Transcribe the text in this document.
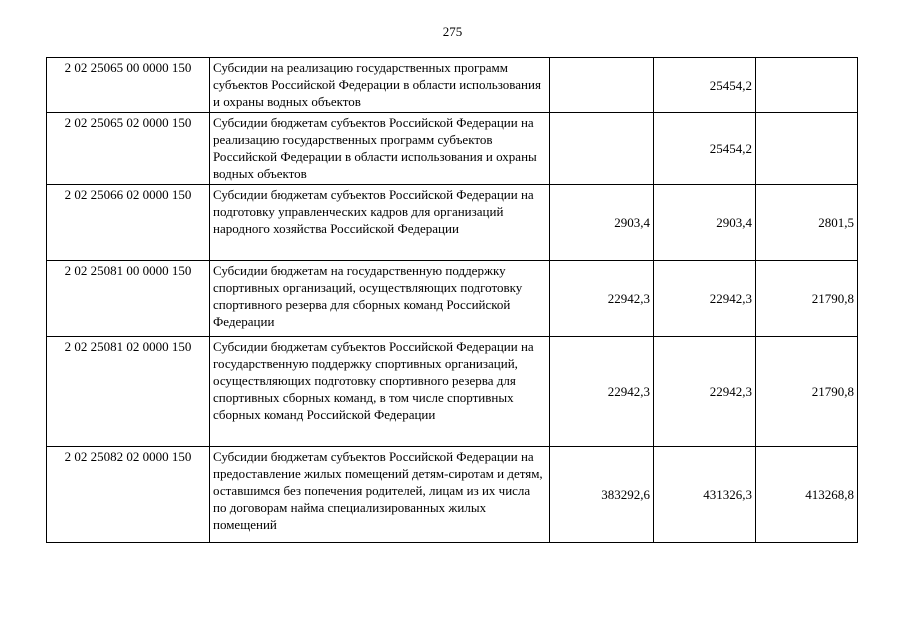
275
2 02 25065 00 0000 150	Субсидии на реализацию государственных программ субъектов Российской Федерации в области использования и охраны водных объектов		25454,2	
2 02 25065 02 0000 150	Субсидии бюджетам субъектов Российской Федерации на реализацию государственных программ субъектов Российской Федерации в области использования и охраны водных объектов		25454,2	
2 02 25066 02 0000 150	Субсидии бюджетам субъектов Российской Федерации на подготовку управленческих кадров для организаций народного хозяйства Российской Федерации	2903,4	2903,4	2801,5
2 02 25081 00 0000 150	Субсидии бюджетам на государственную поддержку спортивных организаций, осуществляющих подготовку спортивного резерва для сборных команд Российской Федерации	22942,3	22942,3	21790,8
2 02 25081 02 0000 150	Субсидии бюджетам субъектов Российской Федерации на государственную поддержку спортивных организаций, осуществляющих подготовку спортивного резерва для спортивных сборных команд, в том числе спортивных сборных команд Российской Федерации	22942,3	22942,3	21790,8
2 02 25082 02 0000 150	Субсидии бюджетам субъектов Российской Федерации на предоставление жилых помещений детям-сиротам и детям, оставшимся без попечения родителей, лицам из их числа по договорам найма специализированных жилых помещений	383292,6	431326,3	413268,8
